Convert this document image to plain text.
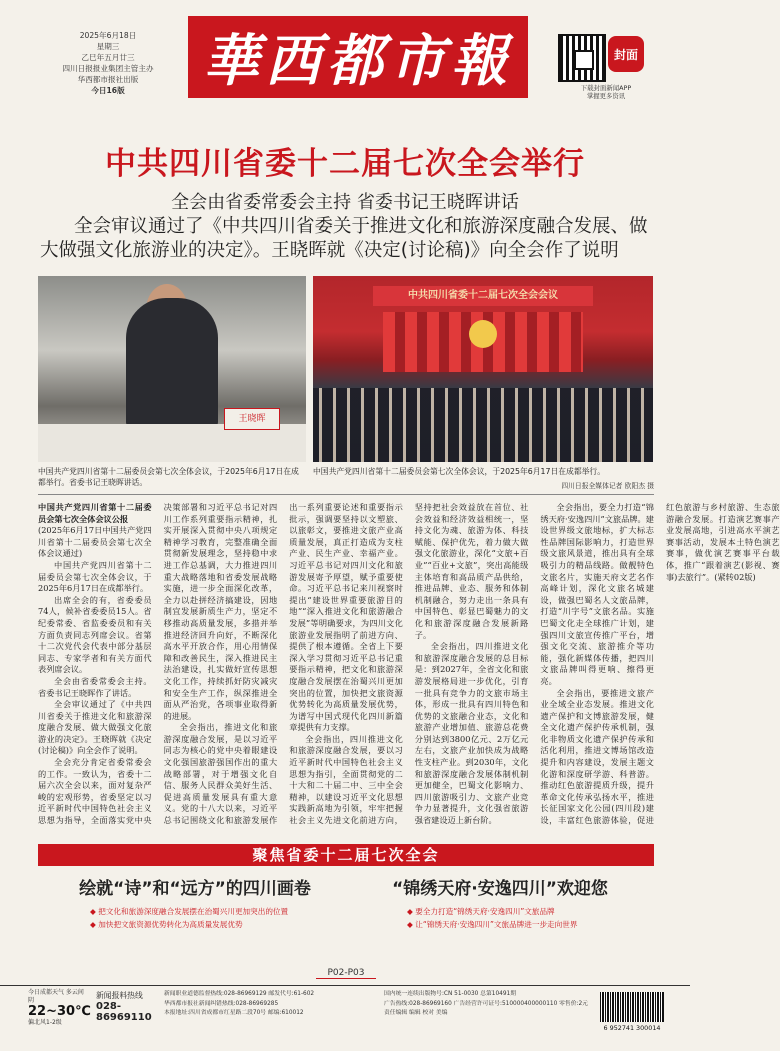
2025年6月18日
星期三
乙巳年五月廿三
四川日报报业集团主管主办
华西都市报社出版
今日16版	華西都市報	封面
下载封面新闻APP
掌握更多资讯
中共四川省委十二届七次全会举行
全会由省委常委会主持 省委书记王晓晖讲话
全会审议通过了《中共四川省委关于推进文化和旅游深度融合发展、做大做强文化旅游业的决定》。王晓晖就《决定(讨论稿)》向全会作了说明
王晓晖
中共四川省委十二届七次全会会议
中国共产党四川省第十二届委员会第七次全体会议，于2025年6月17日在成都举行。省委书记王晓晖讲话。
中国共产党四川省第十二届委员会第七次全体会议，于2025年6月17日在成都举行。
四川日报全媒体记者 欧阳杰 摄

中国共产党四川省第十二届委员会第七次全体会议公报

(2025年6月17日中国共产党四川省第十二届委员会第七次全体会议通过)

中国共产党四川省第十二届委员会第七次全体会议，于2025年6月17日在成都举行。

出席全会的有，省委委员74人，候补省委委员15人。省纪委常委、省监委委员和有关方面负责同志列席会议。省第十二次党代会代表中部分基层同志、专家学者和有关方面代表列席会议。

全会由省委常委会主持。省委书记王晓晖作了讲话。

全会审议通过了《中共四川省委关于推进文化和旅游深度融合发展、做大做强文化旅游业的决定》。王晓晖就《决定(讨论稿)》向全会作了说明。

全会充分肯定省委常委会的工作。一致认为，省委十二届六次全会以来，面对复杂严峻的宏观形势，省委坚定以习近平新时代中国特色社会主义思想为指导，全面落实党中央决策部署和习近平总书记对四川工作系列重要指示精神，扎实开展深入贯彻中央八项规定精神学习教育，完整准确全面贯彻新发展理念，坚持稳中求进工作总基调，大力推进四川重大战略落地和省委发展战略实施，进一步全面深化改革，全力以赴拼经济搞建设，因地制宜发展新质生产力，坚定不移推动高质量发展，多措并举推进经济回升向好，不断深化高水平开放合作，用心用情保障和改善民生，深入推进民主法治建设，扎实做好宣传思想文化工作，持续抓好防灾减灾和安全生产工作，纵深推进全面从严治党，各项事业取得新的进展。

全会指出，推进文化和旅游深度融合发展，是以习近平同志为核心的党中央着眼建设文化强国旅游强国作出的重大战略部署，对于增强文化自信、服务人民群众美好生活、促进高质量发展具有重大意义。党的十八大以来，习近平总书记围绕文化和旅游发展作出一系列重要论述和重要指示批示，强调要坚持以文塑旅、以旅彰文，要推进文旅产业高质量发展，真正打造成为支柱产业、民生产业、幸福产业。习近平总书记对四川文化和旅游发展寄予厚望，赋予重要使命。习近平总书记来川视察时提出“建设世界重要旅游目的地”“深入推进文化和旅游融合发展”等明确要求，为四川文化旅游业发展指明了前进方向、提供了根本遵循。全省上下要深入学习贯彻习近平总书记重要指示精神，把文化和旅游深度融合发展摆在治蜀兴川更加突出的位置，加快把文旅资源优势转化为高质量发展优势，为谱写中国式现代化四川新篇章提供有力支撑。

全会指出，四川推进文化和旅游深度融合发展，要以习近平新时代中国特色社会主义思想为指引，全面贯彻党的二十大和二十届二中、三中全会精神，以建设习近平文化思想实践新高地为引领，牢牢把握社会主义先进文化前进方向，坚持把社会效益放在首位、社会效益和经济效益相统一，坚持文化为魂、旅游为体、科技赋能、保护优先，着力做大做强文化旅游业，深化“文旅+百业”“百业+文旅”，突出高能级主体培育和高品质产品供给，推进品牌、业态、服务和体制机制融合，努力走出一条具有中国特色、彰显巴蜀魅力的文化和旅游深度融合发展新路子。

全会指出，四川推进文化和旅游深度融合发展的总目标是：到2027年，全省文化和旅游发展格局进一步优化，引育一批具有竞争力的文旅市场主体，形成一批具有四川特色和优势的文旅融合业态，文化和旅游产业增加值、旅游总花费分别达到3800亿元、2万亿元左右，文旅产业加快成为战略性支柱产业。到2030年，文化和旅游深度融合发展体制机制更加健全，巴蜀文化影响力、四川旅游吸引力、文旅产业竞争力显著提升，文化强省旅游强省建设迈上新台阶。

全会指出，要全力打造“锦绣天府·安逸四川”文旅品牌。建设世界级文旅地标，扩大标志性品牌国际影响力，打造世界级文旅风景道，推出具有全球吸引力的精品线路。做靓特色文旅名片，实施天府文艺名作高峰计划，深化文旅名城建设，做强巴蜀名人文旅品牌，打造“川字号”文旅名品。实施巴蜀文化走全球推广计划，建强四川文旅宣传推广平台，增强文化交流、旅游推介等功能，强化新媒体传播，把四川文旅品牌叫得更响、擦得更亮。

全会指出，要推进文旅产业全域全业态发展。推进文化遗产保护和文博旅游发展，健全文化遗产保护传承机制，强化非物质文化遗产保护传承和活化利用，推进文博场馆改造提升和内容建设，发展主题文化游和深度研学游、科普游。推动红色旅游提质升级，提升革命文化传承弘扬水平，推进长征国家文化公园(四川段)建设，丰富红色旅游体验，促进红色旅游与乡村旅游、生态旅游融合发展。打造演艺赛事产业发展高地，引进高水平演艺赛事活动，发展本土特色演艺赛事，做优演艺赛事平台载体，推广“跟着演艺(影视、赛事)去旅行”。(紧转02版)

聚焦省委十二届七次全会
绘就“诗”和“远方”的四川画卷
◆ 把文化和旅游深度融合发展摆在治蜀兴川更加突出的位置
◆ 加快把文旅资源优势转化为高质量发展优势
“锦绣天府·安逸四川”欢迎您
◆ 要全力打造“锦绣天府·安逸四川”文旅品牌
◆ 让“锦绣天府·安逸四川”文旅品牌进一步走向世界
P02-P03
今日成都天气 多云间阴
22~30℃
偏北风1-2级
新闻报料热线
028-86969110
新闻职业道德监督热线:028-86969129 邮发代号:61-602
华西都市报社新闻纠错热线:028-86969285
本报地址:四川省成都市红星路二段70号 邮编:610012
国内统一连续出版物号:CN 51-0030 总第10491期
广告热线:028-86969160 广告经营许可证号:510000400000110 零售价:2元
责任编辑 编辑 校对 美编
6 952741 300014
